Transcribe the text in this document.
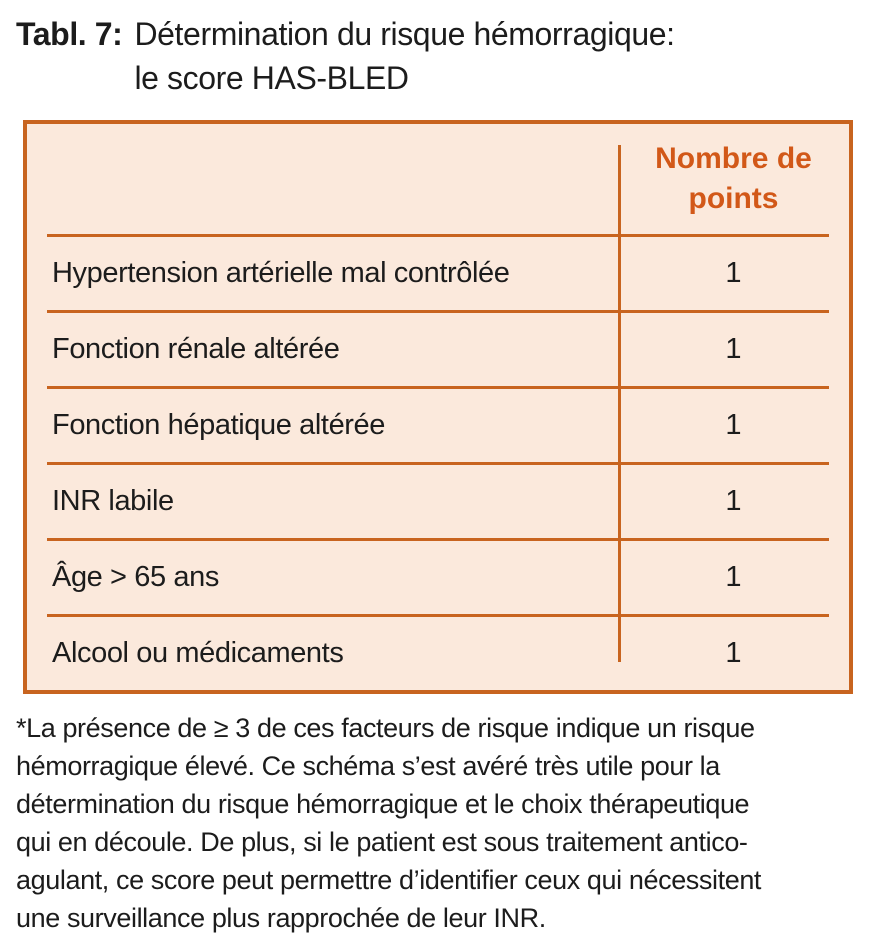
Tabl. 7: Détermination du risque hémorragique:
le score HAS-BLED
Nombre de points
Hypertension artérielle mal contrôlée	1
Fonction rénale altérée	1
Fonction hépatique altérée	1
INR labile	1
Âge > 65 ans	1
Alcool ou médicaments	1
*La présence de ≥ 3 de ces facteurs de risque indique un risque
hémorragique élevé. Ce schéma s’est avéré très utile pour la
détermination du risque hémorragique et le choix thérapeutique
qui en découle. De plus, si le patient est sous traitement antico-
agulant, ce score peut permettre d’identifier ceux qui nécessitent
une surveillance plus rapprochée de leur INR.
